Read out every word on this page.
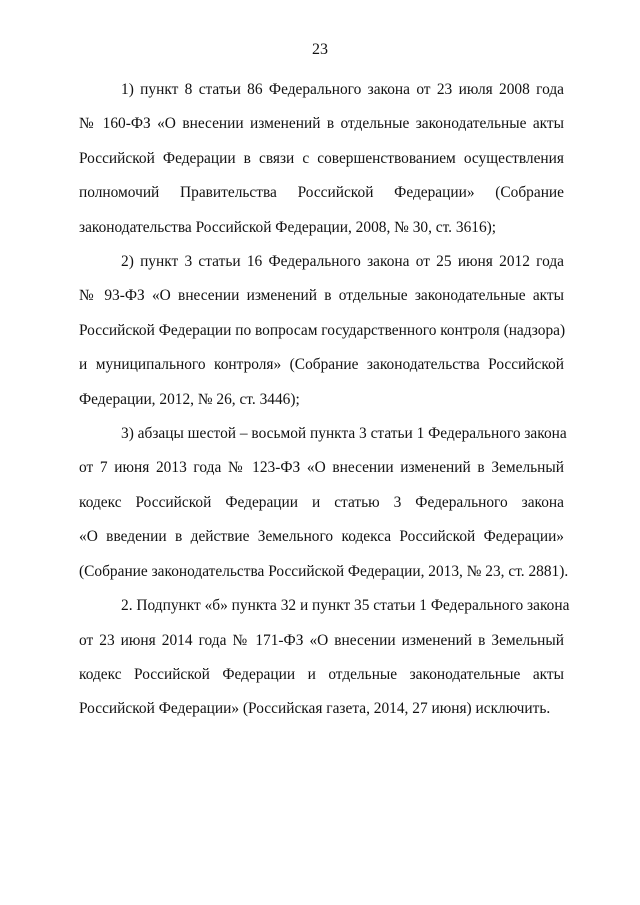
23

1) пункт 8 статьи 86 Федерального закона от 23 июля 2008 года
№ 160-ФЗ «О внесении изменений в отдельные законодательные акты
Российской Федерации в связи с совершенствованием осуществления
полномочий Правительства Российской Федерации» (Собрание
законодательства Российской Федерации, 2008, № 30, ст. 3616);

2) пункт 3 статьи 16 Федерального закона от 25 июня 2012 года
№ 93-ФЗ «О внесении изменений в отдельные законодательные акты
Российской Федерации по вопросам государственного контроля (надзора)
и муниципального контроля» (Собрание законодательства Российской
Федерации, 2012, № 26, ст. 3446);

3) абзацы шестой – восьмой пункта 3 статьи 1 Федерального закона
от 7 июня 2013 года № 123-ФЗ «О внесении изменений в Земельный
кодекс Российской Федерации и статью 3 Федерального закона
«О введении в действие Земельного кодекса Российской Федерации»
(Собрание законодательства Российской Федерации, 2013, № 23, ст. 2881).

2. Подпункт «б» пункта 32 и пункт 35 статьи 1 Федерального закона
от 23 июня 2014 года № 171-ФЗ «О внесении изменений в Земельный
кодекс Российской Федерации и отдельные законодательные акты
Российской Федерации» (Российская газета, 2014, 27 июня) исключить.
